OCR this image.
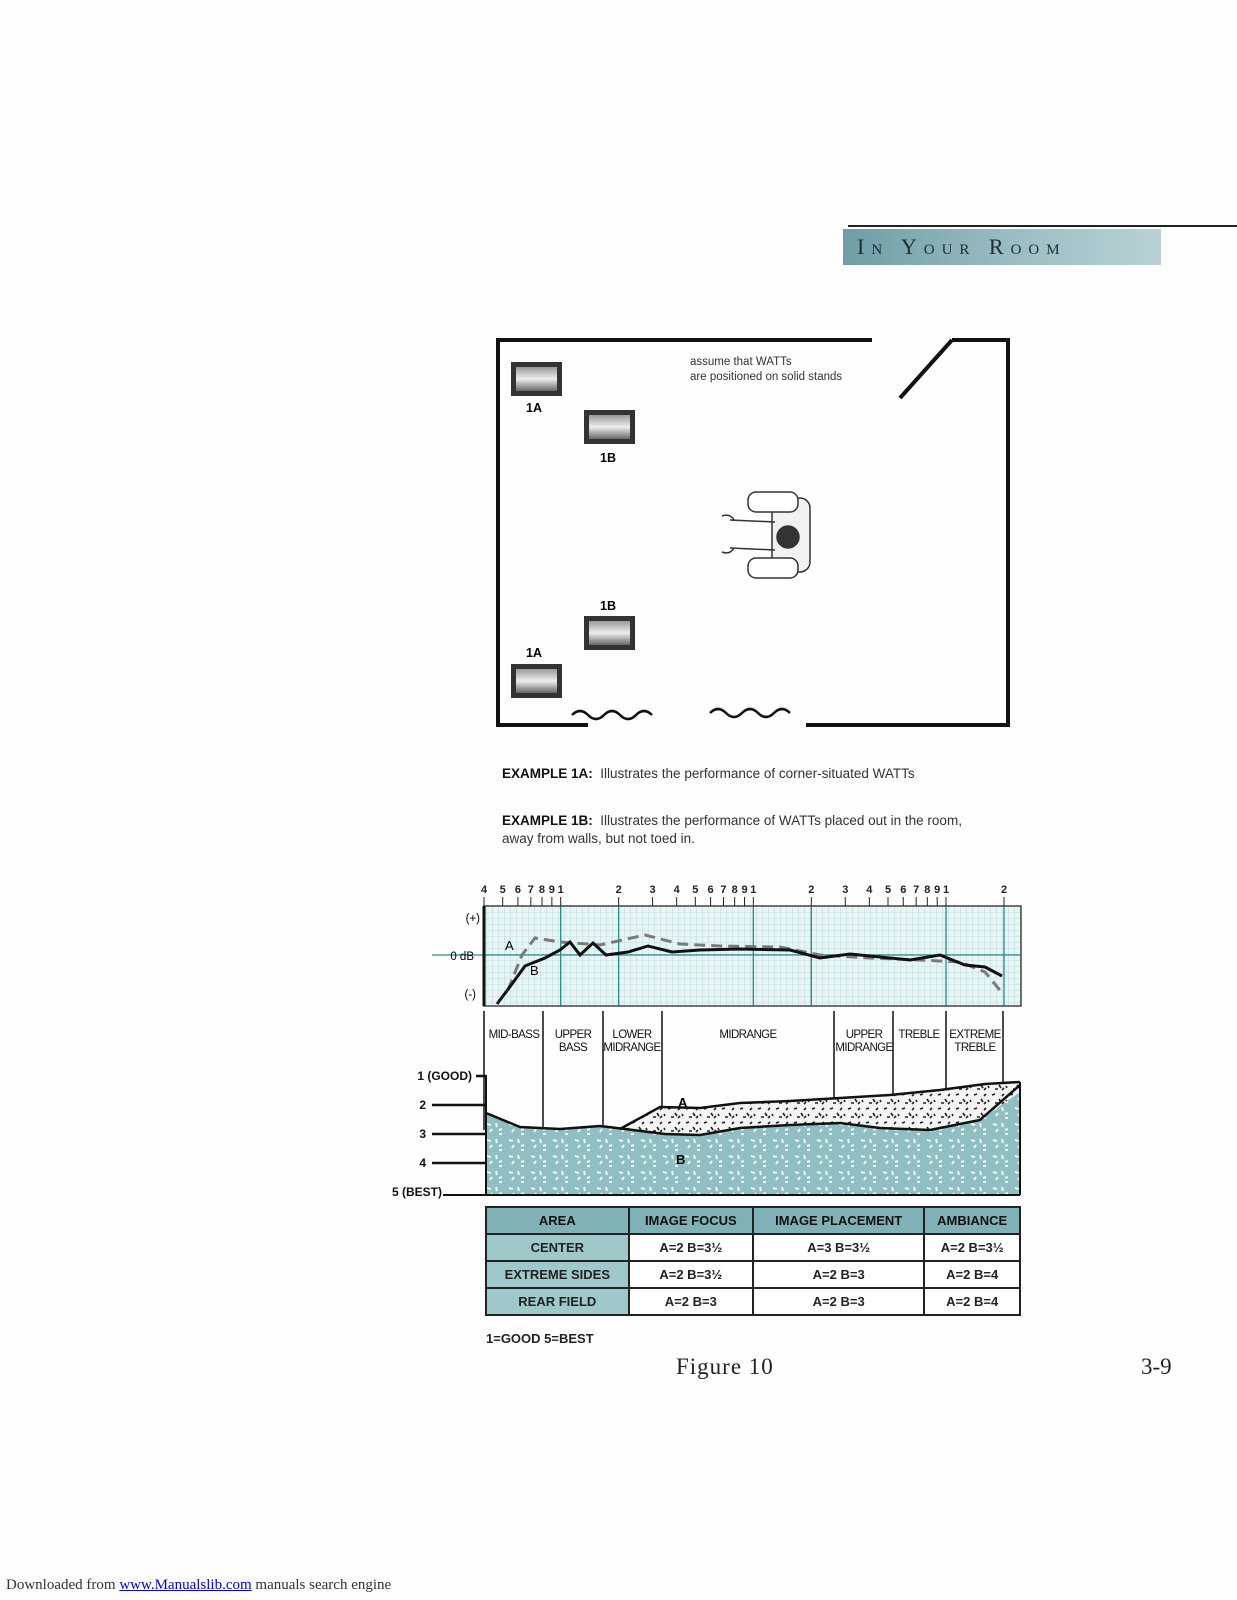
In Your Room
assume that WATTs
are positioned on solid stands
1A
1B
1B
1A
4 5 6 7 8 9 1	2	3 4 5 6 7 8 9 1	2	3 4 5 6 7 8 9 1	2
(+)
0 dB
(-)
A
B
MID-BASS UPPER
BASS
LOWER
MIDRANGE
MIDRANGE	UPPER
MIDRANGE
TREBLE EXTREME
TREBLE
A
B
1 (GOOD)
2
3
4
5 (BEST)
EXAMPLE 1A: Illustrates the performance of corner-situated WATTs
EXAMPLE 1B: Illustrates the performance of WATTs placed out in the room,
away from walls, but not toed in.
AREA	IMAGE FOCUS	IMAGE PLACEMENT	AMBIANCE
CENTER	A=2 B=3½	A=3 B=3½	A=2 B=3½
EXTREME SIDES	A=2 B=3½	A=2 B=3	A=2 B=4
REAR FIELD	A=2 B=3	A=2 B=3	A=2 B=4
1=GOOD 5=BEST
Figure 10	3-9
Downloaded from www.Manualslib.com manuals search engine
